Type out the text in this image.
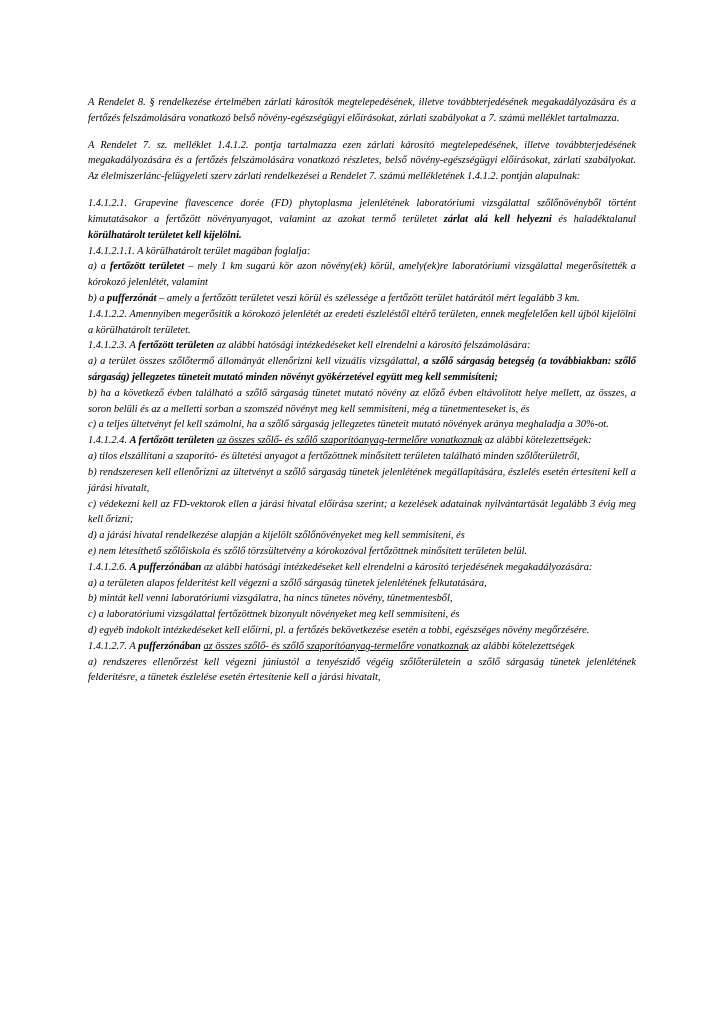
A Rendelet 8. § rendelkezése értelmében zárlati károsítók megtelepedésének, illetve továbbterjedésének megakadályozására és a fertőzés felszámolására vonatkozó belső növény-egészségügyi előírásokat, zárlati szabályokat a 7. számú melléklet tartalmazza.

A Rendelet 7. sz. melléklet 1.4.1.2. pontja tartalmazza ezen zárlati károsító megtelepedésének, illetve továbbterjedésének megakadályozására és a fertőzés felszámolására vonatkozó részletes, belső növény-egészségügyi előírásokat, zárlati szabályokat. Az élelmiszerlánc-felügyeleti szerv zárlati rendelkezései a Rendelet 7. számú mellékletének 1.4.1.2. pontján alapulnak:

1.4.1.2.1. Grapevine flavescence dorée (FD) phytoplasma jelenlétének laboratóriumi vizsgálattal szőlőnövényből történt kimutatásakor a fertőzött növényanyagot, valamint az azokat termő területet zárlat alá kell helyezni és haladéktalanul körülhatárolt területet kell kijelölni.

1.4.1.2.1.1. A körülhatárolt terület magában foglalja:

a) a fertőzött területet – mely 1 km sugarú kör azon növény(ek) körül, amely(ek)re laboratóriumi vizsgálattal megerősítették a kórokozó jelenlétét, valamint

b) a pufferzónát – amely a fertőzött területet veszi körül és szélessége a fertőzött terület határától mért legalább 3 km.

1.4.1.2.2. Amennyiben megerősítik a kórokozó jelenlétét az eredeti észleléstől eltérő területen, ennek megfelelően kell újból kijelölni a körülhatárolt területet.

1.4.1.2.3. A fertőzött területen az alábbi hatósági intézkedéseket kell elrendelni a károsító felszámolására:

a) a terület összes szőlőtermő állományát ellenőrizni kell vizuális vizsgálattal, a szőlő sárgaság betegség (a továbbiakban: szőlő sárgaság) jellegzetes tüneteit mutató minden növényt gyökérzetével együtt meg kell semmisíteni;

b) ha a következő évben található a szőlő sárgaság tünetet mutató növény az előző évben eltávolított helye mellett, az összes, a soron belüli és az a melletti sorban a szomszéd növényt meg kell semmisíteni, még a tünetmenteseket is, és

c) a teljes ültetvényt fel kell számolni, ha a szőlő sárgaság jellegzetes tüneteit mutató növények aránya meghaladja a 30%-ot.

1.4.1.2.4. A fertőzött területen az összes szőlő- és szőlő szaporítóanyag-termelőre vonatkoznak az alábbi kötelezettségek:

a) tilos elszállítani a szaporító- és ültetési anyagot a fertőzöttnek minősített területen található minden szőlőterületről,

b) rendszeresen kell ellenőrizni az ültetvényt a szőlő sárgaság tünetek jelenlétének megállapítására, észlelés esetén értesíteni kell a járási hivatalt,

c) védekezni kell az FD-vektorok ellen a járási hivatal előírása szerint; a kezelések adatainak nyilvántartását legalább 3 évig meg kell őrizni;

d) a járási hivatal rendelkezése alapján a kijelölt szőlőnövényeket meg kell semmisíteni, és

e) nem létesíthető szőlőiskola és szőlő törzsültetvény a kórokozóval fertőzöttnek minősített területen belül.

1.4.1.2.6. A pufferzónában az alábbi hatósági intézkedéseket kell elrendelni a károsító terjedésének megakadályozására:

a) a területen alapos felderítést kell végezni a szőlő sárgaság tünetek jelenlétének felkutatására,

b) mintát kell venni laboratóriumi vizsgálatra, ha nincs tünetes növény, tünetmentesből,

c) a laboratóriumi vizsgálattal fertőzöttnek bizonyult növényeket meg kell semmisíteni, és

d) egyéb indokolt intézkedéseket kell előírni, pl. a fertőzés bekövetkezése esetén a tobbi, egészséges növény megőrzésére.

1.4.1.2.7. A pufferzónában az összes szőlő- és szőlő szaporítóanyag-termelőre vonatkoznak az alábbi kötelezettségek

a) rendszeres ellenőrzést kell végezni júniustól a tenyészidő végéig szőlőterületein a szőlő sárgaság tünetek jelenlétének felderítésre, a tünetek észlelése esetén értesítenie kell a járási hivatalt,
